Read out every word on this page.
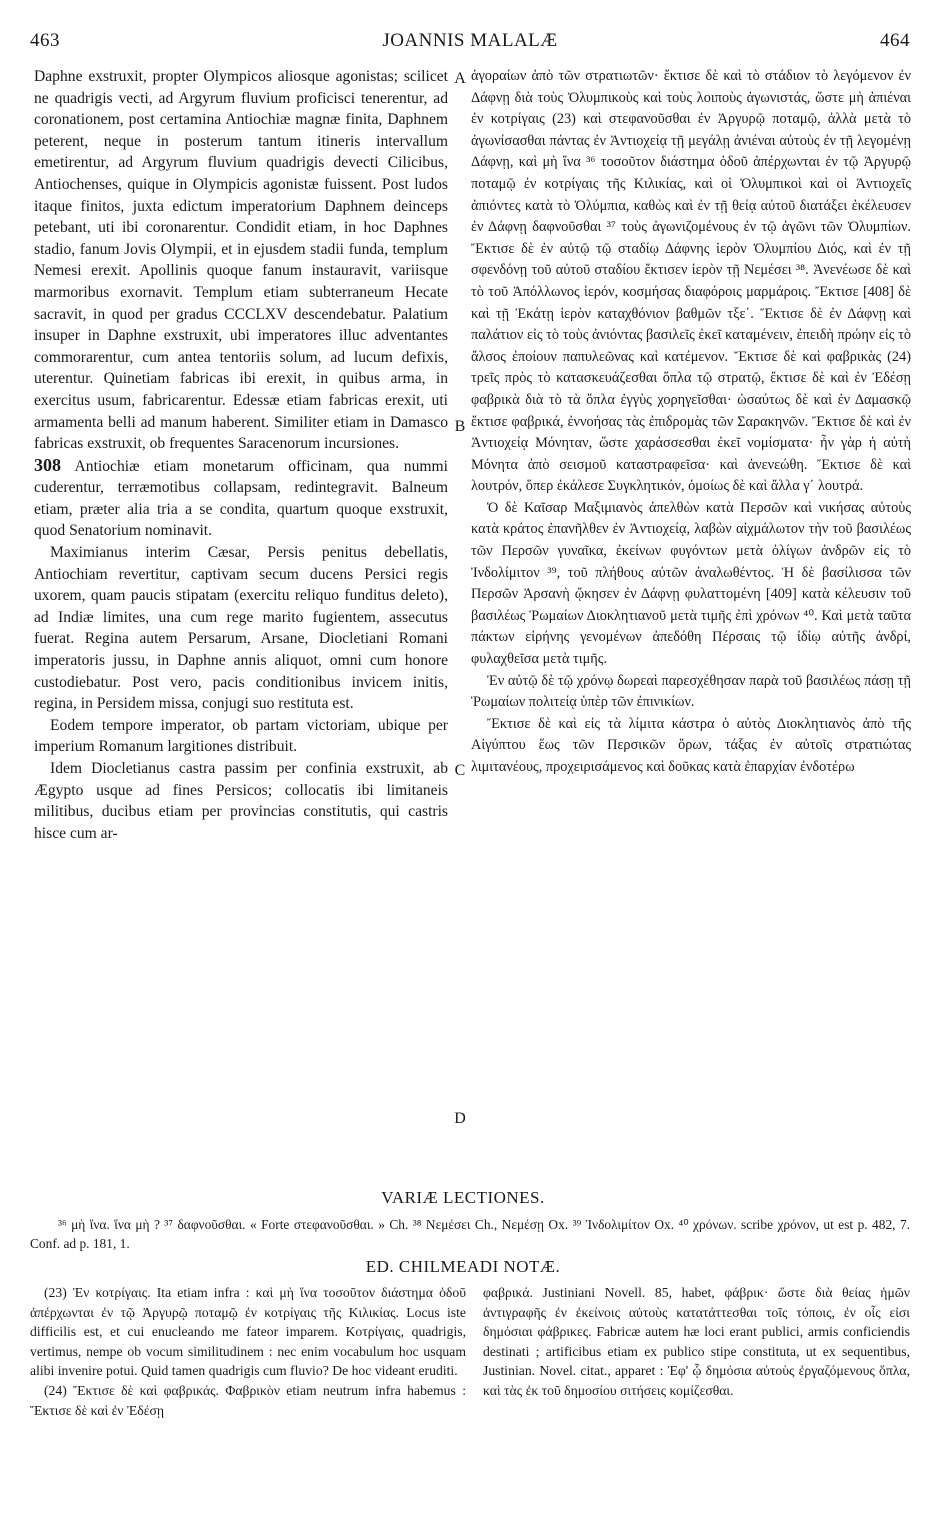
463	JOANNIS MALALÆ	464

Daphne exstruxit, propter Olympicos aliosque agonistas; scilicet ne quadrigis vecti, ad Argyrum fluvium proficisci tenerentur, ad coronationem, post certamina Antiochiæ magnæ finita, Daphnem peterent, neque in posterum tantum itineris intervallum emetirentur, ad Argyrum fluvium quadrigis devecti Cilicibus, Antiochenses, quique in Olympicis agonistæ fuissent. Post ludos itaque finitos, juxta edictum imperatorium Daphnem deinceps petebant, uti ibi coronarentur. Condidit etiam, in hoc Daphnes stadio, fanum Jovis Olympii, et in ejusdem stadii funda, templum Nemesi erexit. Apollinis quoque fanum instauravit, variisque marmoribus exornavit. Templum etiam subterraneum Hecate sacravit, in quod per gradus CCCLXV descendebatur. Palatium insuper in Daphne exstruxit, ubi imperatores illuc adventantes commorarentur, cum antea tentoriis solum, ad lucum defixis, uterentur. Quinetiam fabricas ibi erexit, in quibus arma, in exercitus usum, fabricarentur. Edessæ etiam fabricas erexit, uti armamenta belli ad manum haberent. Similiter etiam in Damasco fabricas exstruxit, ob frequentes Saracenorum incursiones.

308 Antiochiæ etiam monetarum officinam, qua nummi cuderentur, terræmotibus collapsam, redintegravit. Balneum etiam, præter alia tria a se condita, quartum quoque exstruxit, quod Senatorium nominavit.

Maximianus interim Cæsar, Persis penitus debellatis, Antiochiam revertitur, captivam secum ducens Persici regis uxorem, quam paucis stipatam (exercitu reliquo funditus deleto), ad Indiæ limites, una cum rege marito fugientem, assecutus fuerat. Regina autem Persarum, Arsane, Diocletiani Romani imperatoris jussu, in Daphne annis aliquot, omni cum honore custodiebatur. Post vero, pacis conditionibus invicem initis, regina, in Persidem missa, conjugi suo restituta est.

Eodem tempore imperator, ob partam victoriam, ubique per imperium Romanum largitiones distribuit.

Idem Diocletianus castra passim per confinia exstruxit, ab Ægypto usque ad fines Persicos; collocatis ibi limitaneis militibus, ducibus etiam per provincias constitutis, qui castris hisce cum ar-

A
B
C
D

ἀγοραίων ἀπὸ τῶν στρατιωτῶν· ἔκτισε δὲ καὶ τὸ στάδιον τὸ λεγόμενον ἐν Δάφνῃ διὰ τοὺς Ὀλυμπικοὺς καὶ τοὺς λοιποὺς ἀγωνιστάς, ὥστε μὴ ἀπιέναι ἐν κοτρίγαις (23) καὶ στεφανοῦσθαι ἐν Ἀργυρῷ ποταμῷ, ἀλλὰ μετὰ τὸ ἀγωνίσασθαι πάντας ἐν Ἀντιοχείᾳ τῇ μεγάλῃ ἀνιέναι αὐτοὺς ἐν τῇ λεγομένῃ Δάφνῃ, καὶ μὴ ἵνα ³⁶ τοσοῦτον διάστημα ὁδοῦ ἀπέρχωνται ἐν τῷ Ἀργυρῷ ποταμῷ ἐν κοτρίγαις τῆς Κιλικίας, καὶ οἱ Ὀλυμπικοὶ καὶ οἱ Ἀντιοχεῖς ἀπιόντες κατὰ τὸ Ὀλύμπια, καθὼς καὶ ἐν τῇ θείᾳ αὐτοῦ διατάξει ἐκέλευσεν ἐν Δάφνῃ δαφνοῦσθαι ³⁷ τοὺς ἀγωνιζομένους ἐν τῷ ἀγῶνι τῶν Ὀλυμπίων. Ἔκτισε δὲ ἐν αὐτῷ τῷ σταδίῳ Δάφνης ἱερὸν Ὀλυμπίου Διός, καὶ ἐν τῇ σφενδόνῃ τοῦ αὐτοῦ σταδίου ἔκτισεν ἱερὸν τῇ Νεμέσει ³⁸. Ἀνενέωσε δὲ καὶ τὸ τοῦ Ἀπόλλωνος ἱερόν, κοσμήσας διαφόροις μαρμάροις. Ἔκτισε [408] δὲ καὶ τῇ Ἑκάτῃ ἱερὸν καταχθόνιον βαθμῶν τξε΄. Ἔκτισε δὲ ἐν Δάφνῃ καὶ παλάτιον εἰς τὸ τοὺς ἀνιόντας βασιλεῖς ἐκεῖ καταμένειν, ἐπειδὴ πρώην εἰς τὸ ἄλσος ἐποίουν παπυλεῶνας καὶ κατέμενον. Ἔκτισε δὲ καὶ φαβρικὰς (24) τρεῖς πρὸς τὸ κατασκευάζεσθαι ὅπλα τῷ στρατῷ, ἔκτισε δὲ καὶ ἐν Ἐδέσῃ φαβρικὰ διὰ τὸ τὰ ὅπλα ἐγγὺς χορηγεῖσθαι· ὡσαύτως δὲ καὶ ἐν Δαμασκῷ ἔκτισε φαβρικά, ἐννοήσας τὰς ἐπιδρομὰς τῶν Σαρακηνῶν. Ἔκτισε δὲ καὶ ἐν Ἀντιοχείᾳ Μόνηταν, ὥστε χαράσσεσθαι ἐκεῖ νομίσματα· ἦν γὰρ ἡ αὐτὴ Μόνητα ἀπὸ σεισμοῦ καταστραφεῖσα· καὶ ἀνενεώθη. Ἔκτισε δὲ καὶ λουτρόν, ὅπερ ἐκάλεσε Συγκλητικόν, ὁμοίως δὲ καὶ ἄλλα γ΄ λουτρά.

Ὁ δὲ Καῖσαρ Μαξιμιανὸς ἀπελθὼν κατὰ Περσῶν καὶ νικήσας αὐτοὺς κατὰ κράτος ἐπανῆλθεν ἐν Ἀντιοχείᾳ, λαβὼν αἰχμάλωτον τὴν τοῦ βασιλέως τῶν Περσῶν γυναῖκα, ἐκείνων φυγόντων μετὰ ὀλίγων ἀνδρῶν εἰς τὸ Ἰνδολίμιτον ³⁹, τοῦ πλήθους αὐτῶν ἀναλωθέντος. Ἡ δὲ βασίλισσα τῶν Περσῶν Ἀρσανὴ ᾤκησεν ἐν Δάφνῃ φυλαττομένη [409] κατὰ κέλευσιν τοῦ βασιλέως Ῥωμαίων Διοκλητιανοῦ μετὰ τιμῆς ἐπὶ χρόνων ⁴⁰. Καὶ μετὰ ταῦτα πάκτων εἰρήνης γενομένων ἀπεδόθη Πέρσαις τῷ ἰδίῳ αὐτῆς ἀνδρί, φυλαχθεῖσα μετὰ τιμῆς.

Ἐν αὐτῷ δὲ τῷ χρόνῳ δωρεαὶ παρεσχέθησαν παρὰ τοῦ βασιλέως πάσῃ τῇ Ῥωμαίων πολιτείᾳ ὑπὲρ τῶν ἐπινικίων.

Ἔκτισε δὲ καὶ εἰς τὰ λίμιτα κάστρα ὁ αὐτὸς Διοκλητιανὸς ἀπὸ τῆς Αἰγύπτου ἕως τῶν Περσικῶν ὅρων, τάξας ἐν αὐτοῖς στρατιώτας λιμιτανέους, προχειρισάμενος καὶ δοῦκας κατὰ ἐπαρχίαν ἐνδοτέρω

VARIÆ LECTIONES.

³⁶ μὴ ἵνα. ἵνα μὴ ? ³⁷ δαφνοῦσθαι. « Forte στεφανοῦσθαι. » Ch. ³⁸ Νεμέσει Ch., Νεμέσῃ Ox. ³⁹ Ἰνδολιμίτον Ox. ⁴⁰ χρόνων. scribe χρόνον, ut est p. 482, 7. Conf. ad p. 181, 1.

ED. CHILMEADI NOTÆ.

(23) Ἐν κοτρίγαις. Ita etiam infra : καὶ μὴ ἵνα τοσοῦτον διάστημα ὁδοῦ ἀπέρχωνται ἐν τῷ Ἀργυρῷ ποταμῷ ἐν κοτρίγαις τῆς Κιλικίας. Locus iste difficilis est, et cui enucleando me fateor imparem. Κοτρίγαις, quadrigis, vertimus, nempe ob vocum similitudinem : nec enim vocabulum hoc usquam alibi invenire potui. Quid tamen quadrigis cum fluvio? De hoc videant eruditi.

(24) Ἔκτισε δὲ καὶ φαβρικάς. Φαβρικὸν etiam neutrum infra habemus : Ἔκτισε δὲ καὶ ἐν Ἐδέσῃ

φαβρικά. Justiniani Novell. 85, habet, φάβρικ· ὥστε διὰ θείας ἡμῶν ἀντιγραφῆς ἐν ἐκείνοις αὐτοὺς κατατάττεσθαι τοῖς τόποις, ἐν οἷς εἰσι δημόσιαι φάβρικες. Fabricæ autem hæ loci erant publici, armis conficiendis destinati ; artificibus etiam ex publico stipe constituta, ut ex sequentibus, Justinian. Novel. citat., apparet : Ἐφ' ᾧ δημόσια αὐτοὺς ἐργαζόμενους ὅπλα, καὶ τὰς ἐκ τοῦ δημοσίου σιτήσεις κομίζεσθαι.
